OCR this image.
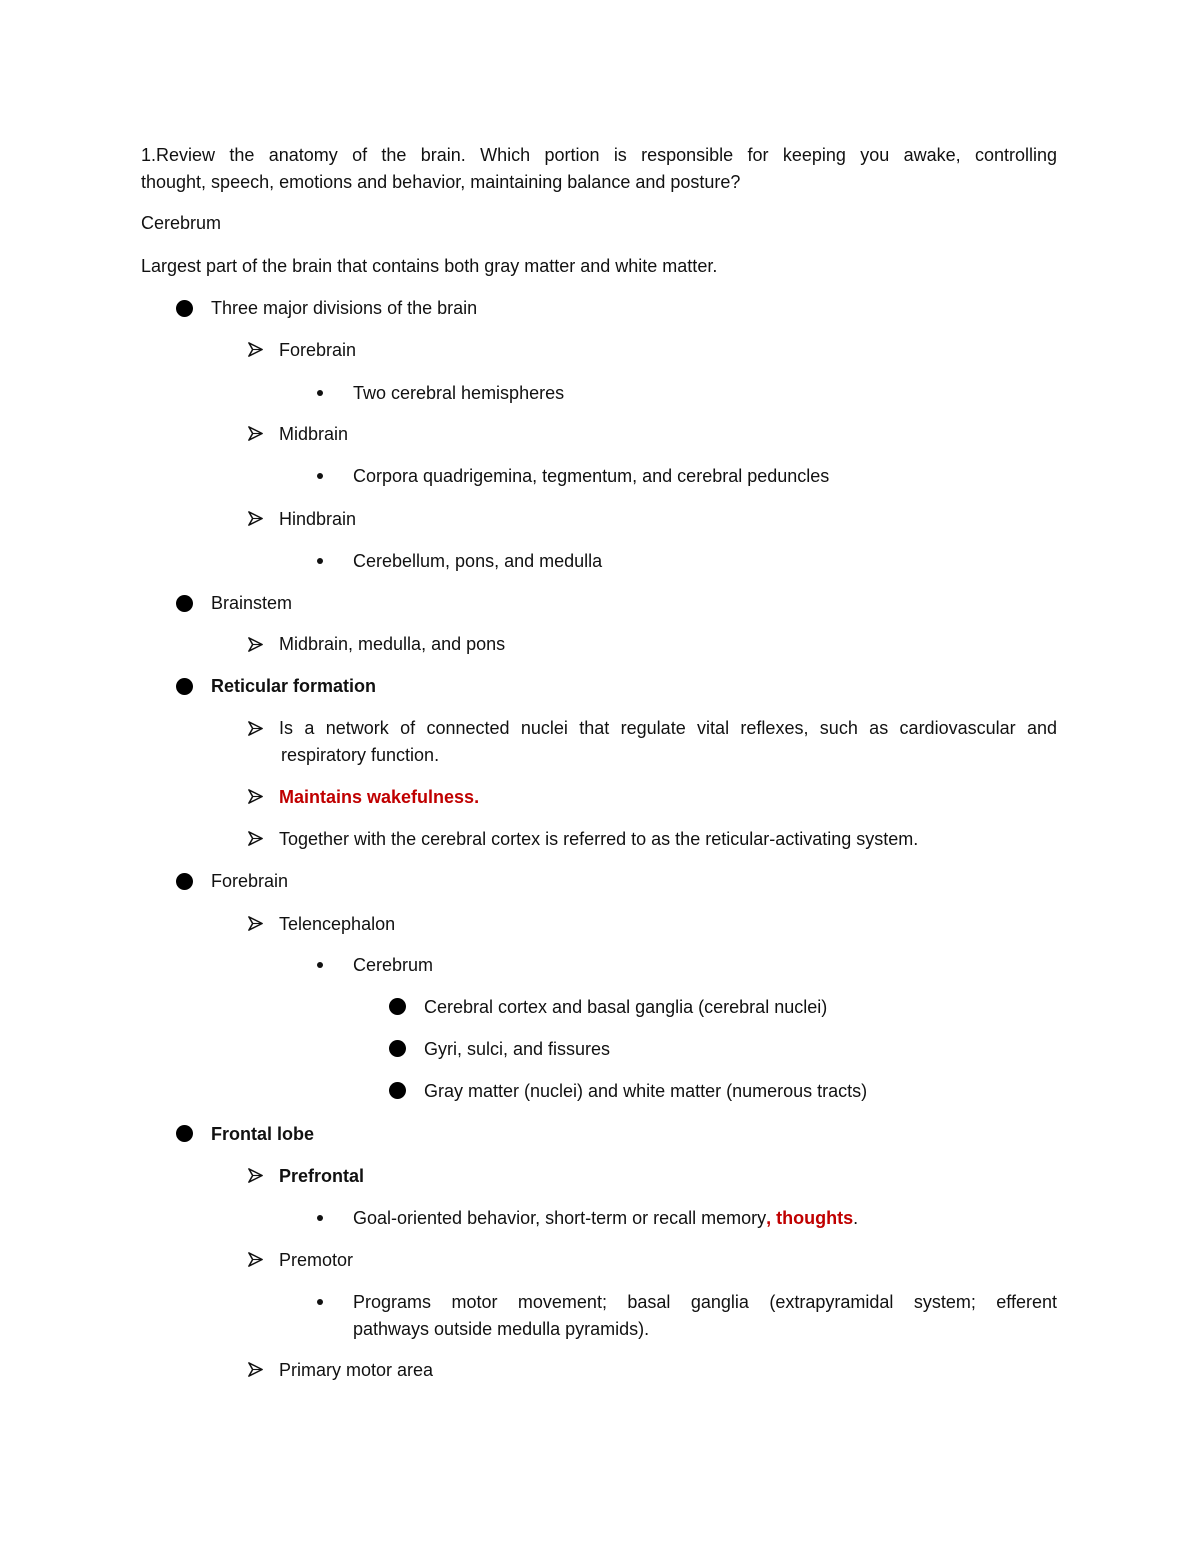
1.Review the anatomy of the brain. Which portion is responsible for keeping you awake, controlling
thought, speech, emotions and behavior, maintaining balance and posture?
Cerebrum
Largest part of the brain that contains both gray matter and white matter.
Three major divisions of the brain
Forebrain
Two cerebral hemispheres
Midbrain
Corpora quadrigemina, tegmentum, and cerebral peduncles
Hindbrain
Cerebellum, pons, and medulla
Brainstem
Midbrain, medulla, and pons
Reticular formation
Is a network of connected nuclei that regulate vital reflexes, such as cardiovascular and
respiratory function.
Maintains wakefulness.
Together with the cerebral cortex is referred to as the reticular-activating system.
Forebrain
Telencephalon
Cerebrum
Cerebral cortex and basal ganglia (cerebral nuclei)
Gyri, sulci, and fissures
Gray matter (nuclei) and white matter (numerous tracts)
Frontal lobe
Prefrontal
Goal-oriented behavior, short-term or recall memory, thoughts.
Premotor
Programs motor movement; basal ganglia (extrapyramidal system; efferent
pathways outside medulla pyramids).
Primary motor area
